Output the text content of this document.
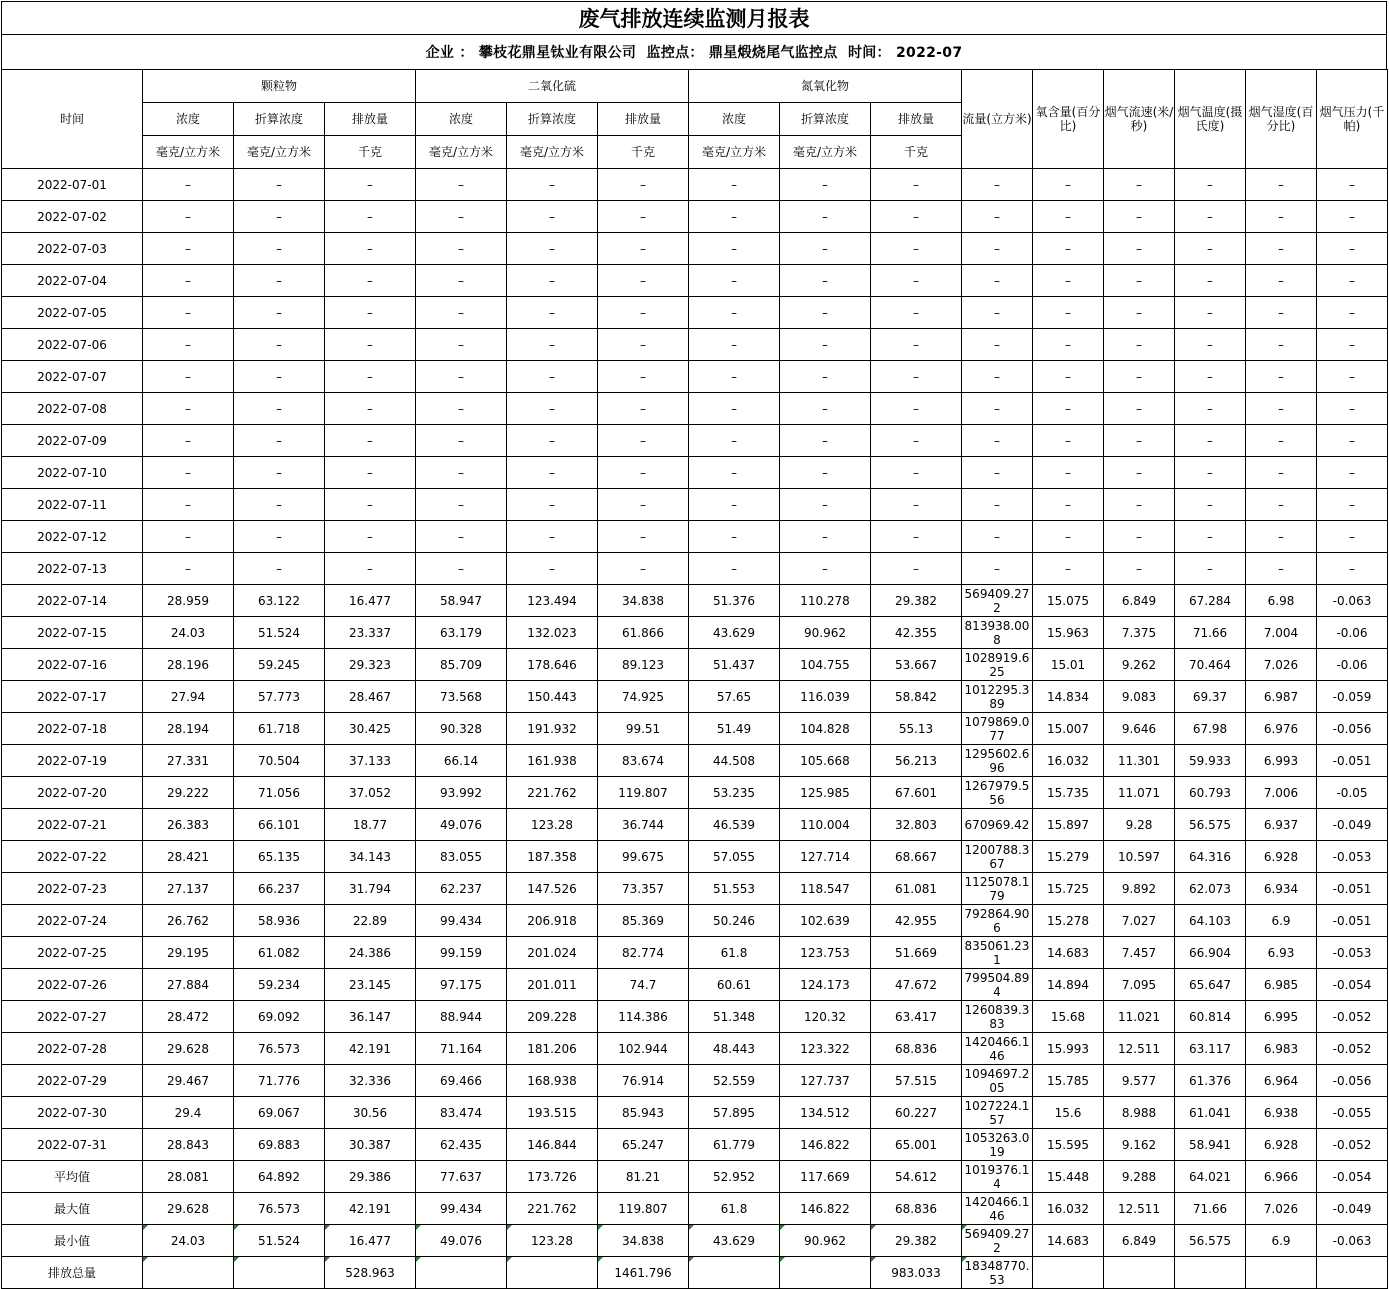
废气排放连续监测月报表
企业 ： 攀枝花鼎星钛业有限公司  监控点： 鼎星煅烧尾气监控点  时间： 2022-07
时间	颗粒物			二氧化硫			氮氧化物			流量(立方米)	氧含量(百分比)	烟气流速(米/秒)	烟气温度(摄氏度)	烟气湿度(百分比)	烟气压力(千帕)
	浓度	折算浓度	排放量	浓度	折算浓度	排放量	浓度	折算浓度	排放量						
	毫克/立方米	毫克/立方米	千克	毫克/立方米	毫克/立方米	千克	毫克/立方米	毫克/立方米	千克						
2022-07-01	–	–	–	–	–	–	–	–	–	–	–	–	–	–	–
2022-07-02	–	–	–	–	–	–	–	–	–	–	–	–	–	–	–
2022-07-03	–	–	–	–	–	–	–	–	–	–	–	–	–	–	–
2022-07-04	–	–	–	–	–	–	–	–	–	–	–	–	–	–	–
2022-07-05	–	–	–	–	–	–	–	–	–	–	–	–	–	–	–
2022-07-06	–	–	–	–	–	–	–	–	–	–	–	–	–	–	–
2022-07-07	–	–	–	–	–	–	–	–	–	–	–	–	–	–	–
2022-07-08	–	–	–	–	–	–	–	–	–	–	–	–	–	–	–
2022-07-09	–	–	–	–	–	–	–	–	–	–	–	–	–	–	–
2022-07-10	–	–	–	–	–	–	–	–	–	–	–	–	–	–	–
2022-07-11	–	–	–	–	–	–	–	–	–	–	–	–	–	–	–
2022-07-12	–	–	–	–	–	–	–	–	–	–	–	–	–	–	–
2022-07-13	–	–	–	–	–	–	–	–	–	–	–	–	–	–	–
2022-07-14	28.959	63.122	16.477	58.947	123.494	34.838	51.376	110.278	29.382	569409.272	15.075	6.849	67.284	6.98	-0.063
2022-07-15	24.03	51.524	23.337	63.179	132.023	61.866	43.629	90.962	42.355	813938.008	15.963	7.375	71.66	7.004	-0.06
2022-07-16	28.196	59.245	29.323	85.709	178.646	89.123	51.437	104.755	53.667	1028919.625	15.01	9.262	70.464	7.026	-0.06
2022-07-17	27.94	57.773	28.467	73.568	150.443	74.925	57.65	116.039	58.842	1012295.389	14.834	9.083	69.37	6.987	-0.059
2022-07-18	28.194	61.718	30.425	90.328	191.932	99.51	51.49	104.828	55.13	1079869.077	15.007	9.646	67.98	6.976	-0.056
2022-07-19	27.331	70.504	37.133	66.14	161.938	83.674	44.508	105.668	56.213	1295602.696	16.032	11.301	59.933	6.993	-0.051
2022-07-20	29.222	71.056	37.052	93.992	221.762	119.807	53.235	125.985	67.601	1267979.556	15.735	11.071	60.793	7.006	-0.05
2022-07-21	26.383	66.101	18.77	49.076	123.28	36.744	46.539	110.004	32.803	670969.42	15.897	9.28	56.575	6.937	-0.049
2022-07-22	28.421	65.135	34.143	83.055	187.358	99.675	57.055	127.714	68.667	1200788.367	15.279	10.597	64.316	6.928	-0.053
2022-07-23	27.137	66.237	31.794	62.237	147.526	73.357	51.553	118.547	61.081	1125078.179	15.725	9.892	62.073	6.934	-0.051
2022-07-24	26.762	58.936	22.89	99.434	206.918	85.369	50.246	102.639	42.955	792864.906	15.278	7.027	64.103	6.9	-0.051
2022-07-25	29.195	61.082	24.386	99.159	201.024	82.774	61.8	123.753	51.669	835061.231	14.683	7.457	66.904	6.93	-0.053
2022-07-26	27.884	59.234	23.145	97.175	201.011	74.7	60.61	124.173	47.672	799504.894	14.894	7.095	65.647	6.985	-0.054
2022-07-27	28.472	69.092	36.147	88.944	209.228	114.386	51.348	120.32	63.417	1260839.383	15.68	11.021	60.814	6.995	-0.052
2022-07-28	29.628	76.573	42.191	71.164	181.206	102.944	48.443	123.322	68.836	1420466.146	15.993	12.511	63.117	6.983	-0.052
2022-07-29	29.467	71.776	32.336	69.466	168.938	76.914	52.559	127.737	57.515	1094697.205	15.785	9.577	61.376	6.964	-0.056
2022-07-30	29.4	69.067	30.56	83.474	193.515	85.943	57.895	134.512	60.227	1027224.157	15.6	8.988	61.041	6.938	-0.055
2022-07-31	28.843	69.883	30.387	62.435	146.844	65.247	61.779	146.822	65.001	1053263.019	15.595	9.162	58.941	6.928	-0.052
平均值	28.081	64.892	29.386	77.637	173.726	81.21	52.952	117.669	54.612	1019376.14	15.448	9.288	64.021	6.966	-0.054
最大值	29.628	76.573	42.191	99.434	221.762	119.807	61.8	146.822	68.836	1420466.146	16.032	12.511	71.66	7.026	-0.049
最小值	24.03	51.524	16.477	49.076	123.28	34.838	43.629	90.962	29.382	569409.272	14.683	6.849	56.575	6.9	-0.063
排放总量			528.963			1461.796			983.033	18348770.53					
